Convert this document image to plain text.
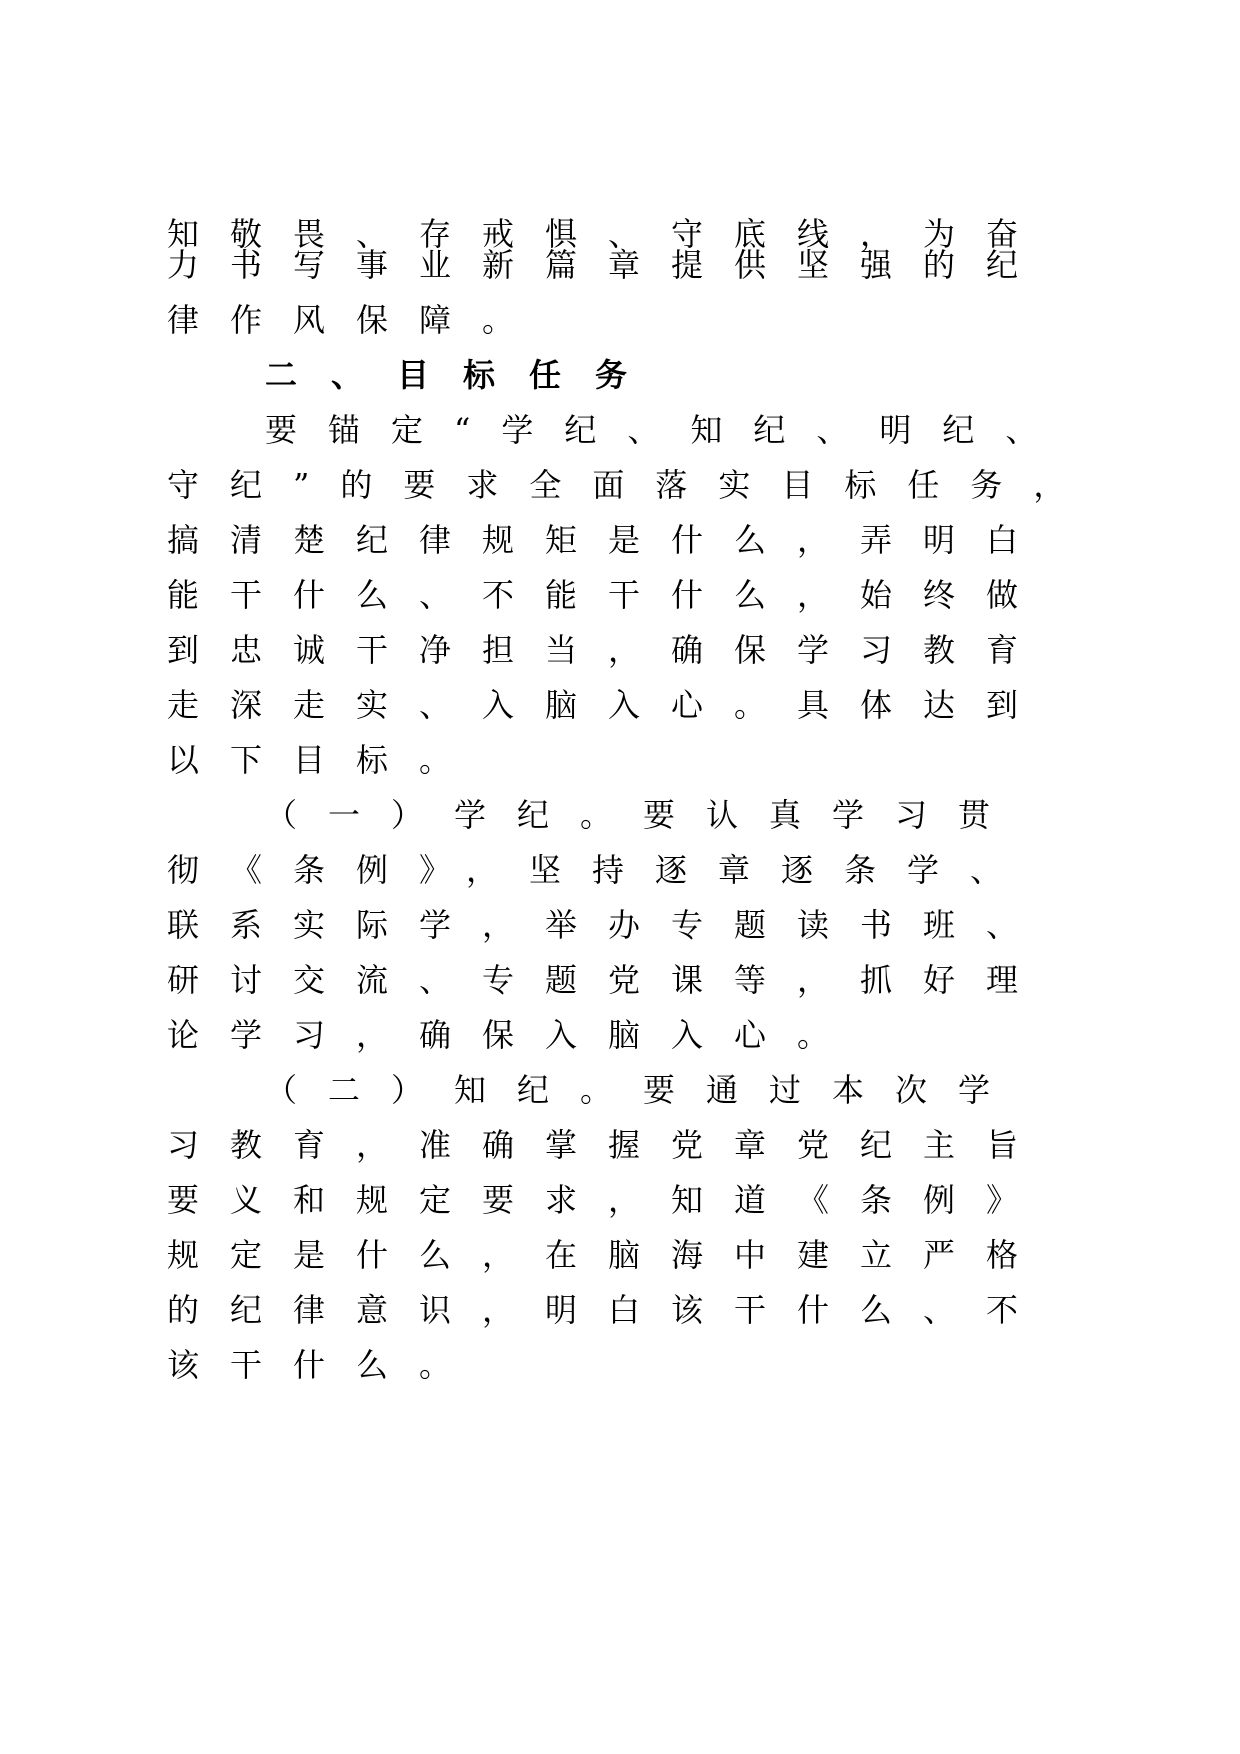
知敬畏、存戒惧、守底线，为奋
力书写事业新篇章提供坚强的纪
律作风保障。
二、目标任务
要锚定“学纪、知纪、明纪、
守纪”的要求全面落实目标任务，
搞清楚纪律规矩是什么，弄明白
能干什么、不能干什么，始终做
到忠诚干净担当，确保学习教育
走深走实、入脑入心。具体达到
以下目标。
（一）学纪。要认真学习贯
彻《条例》，坚持逐章逐条学、
联系实际学，举办专题读书班、
研讨交流、专题党课等，抓好理
论学习，确保入脑入心。
（二）知纪。要通过本次学
习教育，准确掌握党章党纪主旨
要义和规定要求，知道《条例》
规定是什么，在脑海中建立严格
的纪律意识，明白该干什么、不
该干什么。
